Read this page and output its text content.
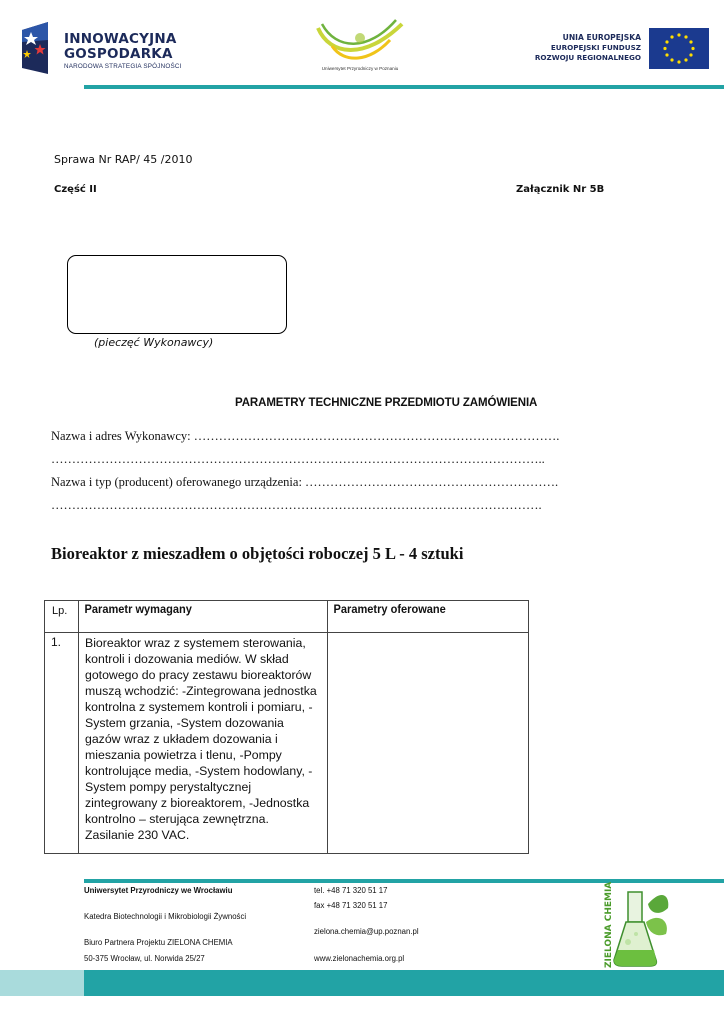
INNOWACYJNA
GOSPODARKA
NARODOWA STRATEGIA SPÓJNOŚCI	Uniwersytet Przyrodniczy w Poznaniu
UNIA EUROPEJSKA
EUROPEJSKI FUNDUSZ
ROZWOJU REGIONALNEGO
Sprawa Nr RAP/ 45 /2010
Część II	Załącznik Nr 5B
(pieczęć Wykonawcy)
PARAMETRY TECHNICZNE PRZEDMIOTU ZAMÓWIENIA
Nazwa i adres Wykonawcy: …………………………………………………………………………….
………………………………………………………………………………………………………..
Nazwa i typ (producent) oferowanego urządzenia: …………………………………………………….
……………………………………………………………………………………………………….
Bioreaktor z mieszadłem o objętości roboczej 5 L - 4 sztuki
Lp.	Parametr wymagany	Parametry oferowane

1.	Bioreaktor wraz z systemem sterowania, kontroli i dozowania mediów. W skład gotowego do pracy zestawu bioreaktorów muszą wchodzić: -Zintegrowana jednostka kontrolna z systemem kontroli i pomiaru, -System grzania, -System dozowania gazów wraz z układem dozowania i mieszania powietrza i tlenu, -Pompy kontrolujące media, -System hodowlany, -System pompy perystaltycznej zintegrowany z bioreaktorem, -Jednostka kontrolno – sterująca zewnętrzna. Zasilanie 230 VAC.	

Uniwersytet Przyrodniczy we Wrocławiu
Katedra Biotechnologii i Mikrobiologii Żywności
Biuro Partnera Projektu ZIELONA CHEMIA
50-375 Wrocław, ul. Norwida 25/27
tel. +48 71 320 51 17
fax +48 71 320 51 17
zielona.chemia@up.poznan.pl
www.zielonachemia.org.pl	ZIELONA CHEMIA
